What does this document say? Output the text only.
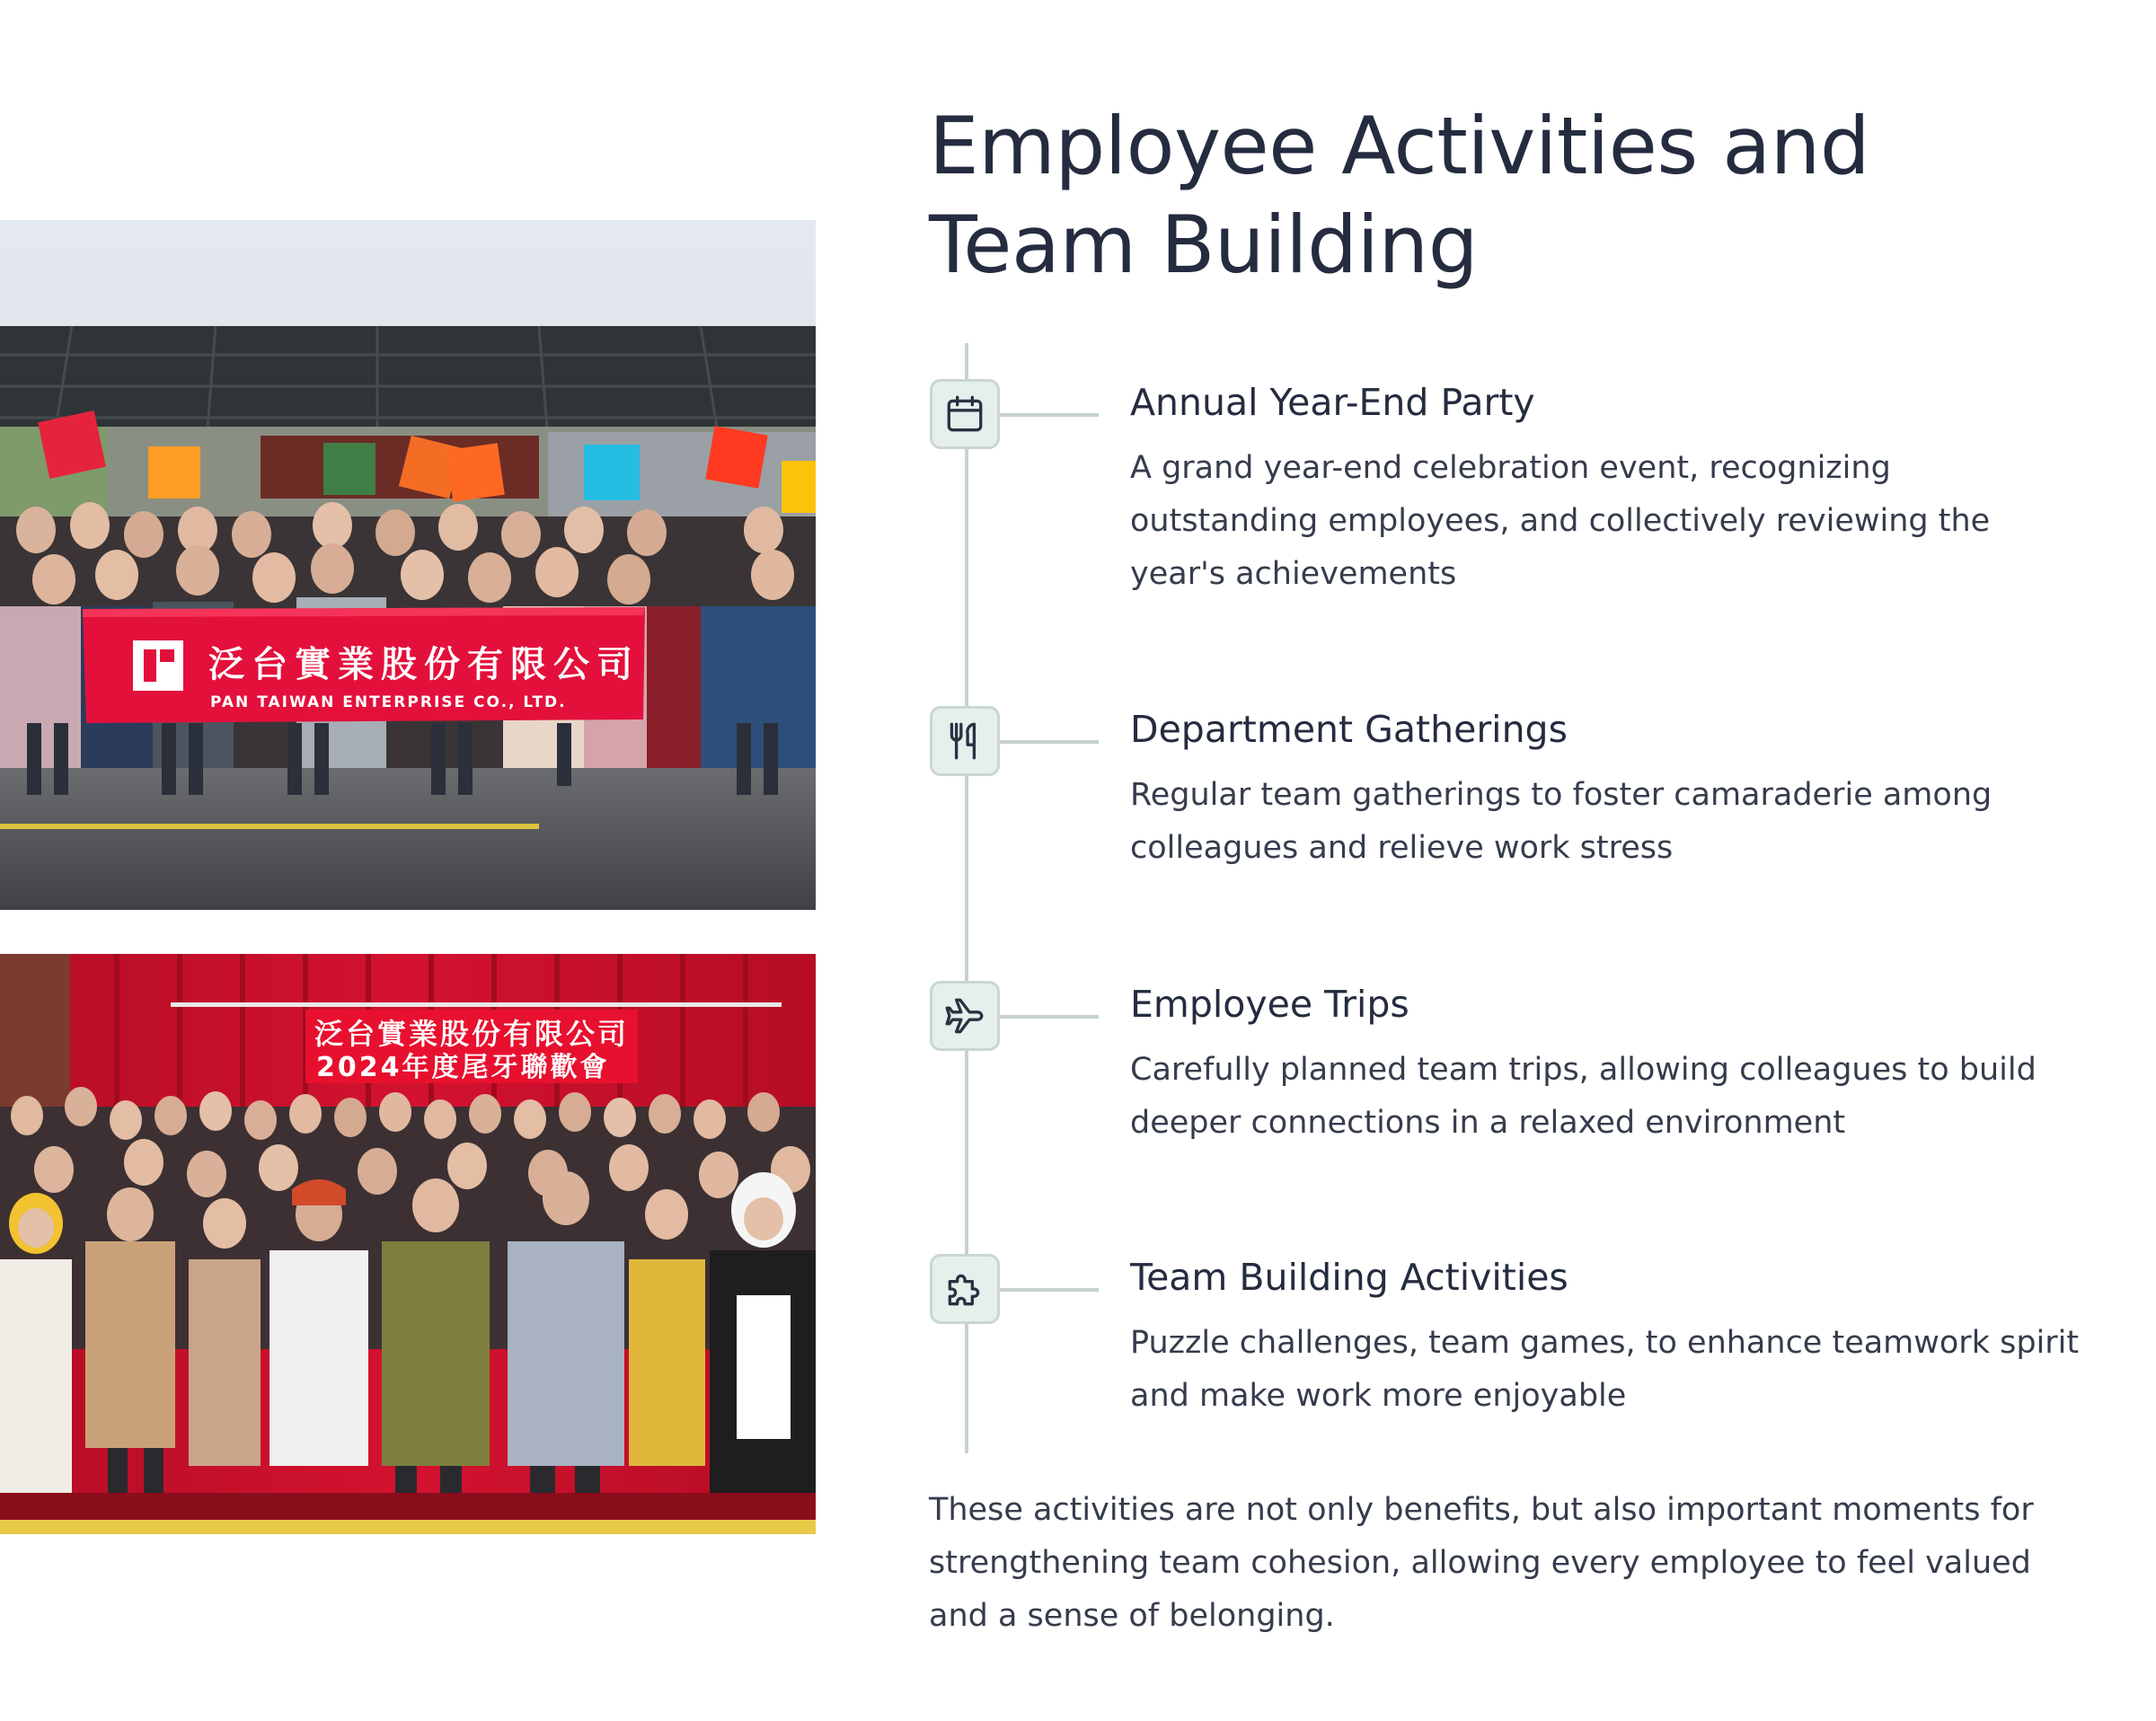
泛台實業股份有限公司
PAN TAIWAN ENTERPRISE CO., LTD.
泛台實業股份有限公司
2024年度尾牙聯歡會
Employee Activities and Team Building
Annual Year-End Party
A grand year-end celebration event, recognizing outstanding employees, and collectively reviewing the year's achievements
Department Gatherings
Regular team gatherings to foster camaraderie among colleagues and relieve work stress
Employee Trips
Carefully planned team trips, allowing colleagues to build deeper connections in a relaxed environment
Team Building Activities
Puzzle challenges, team games, to enhance teamwork spirit and make work more enjoyable

These activities are not only benefits, but also important moments for strengthening team cohesion, allowing every employee to feel valued and a sense of belonging.
